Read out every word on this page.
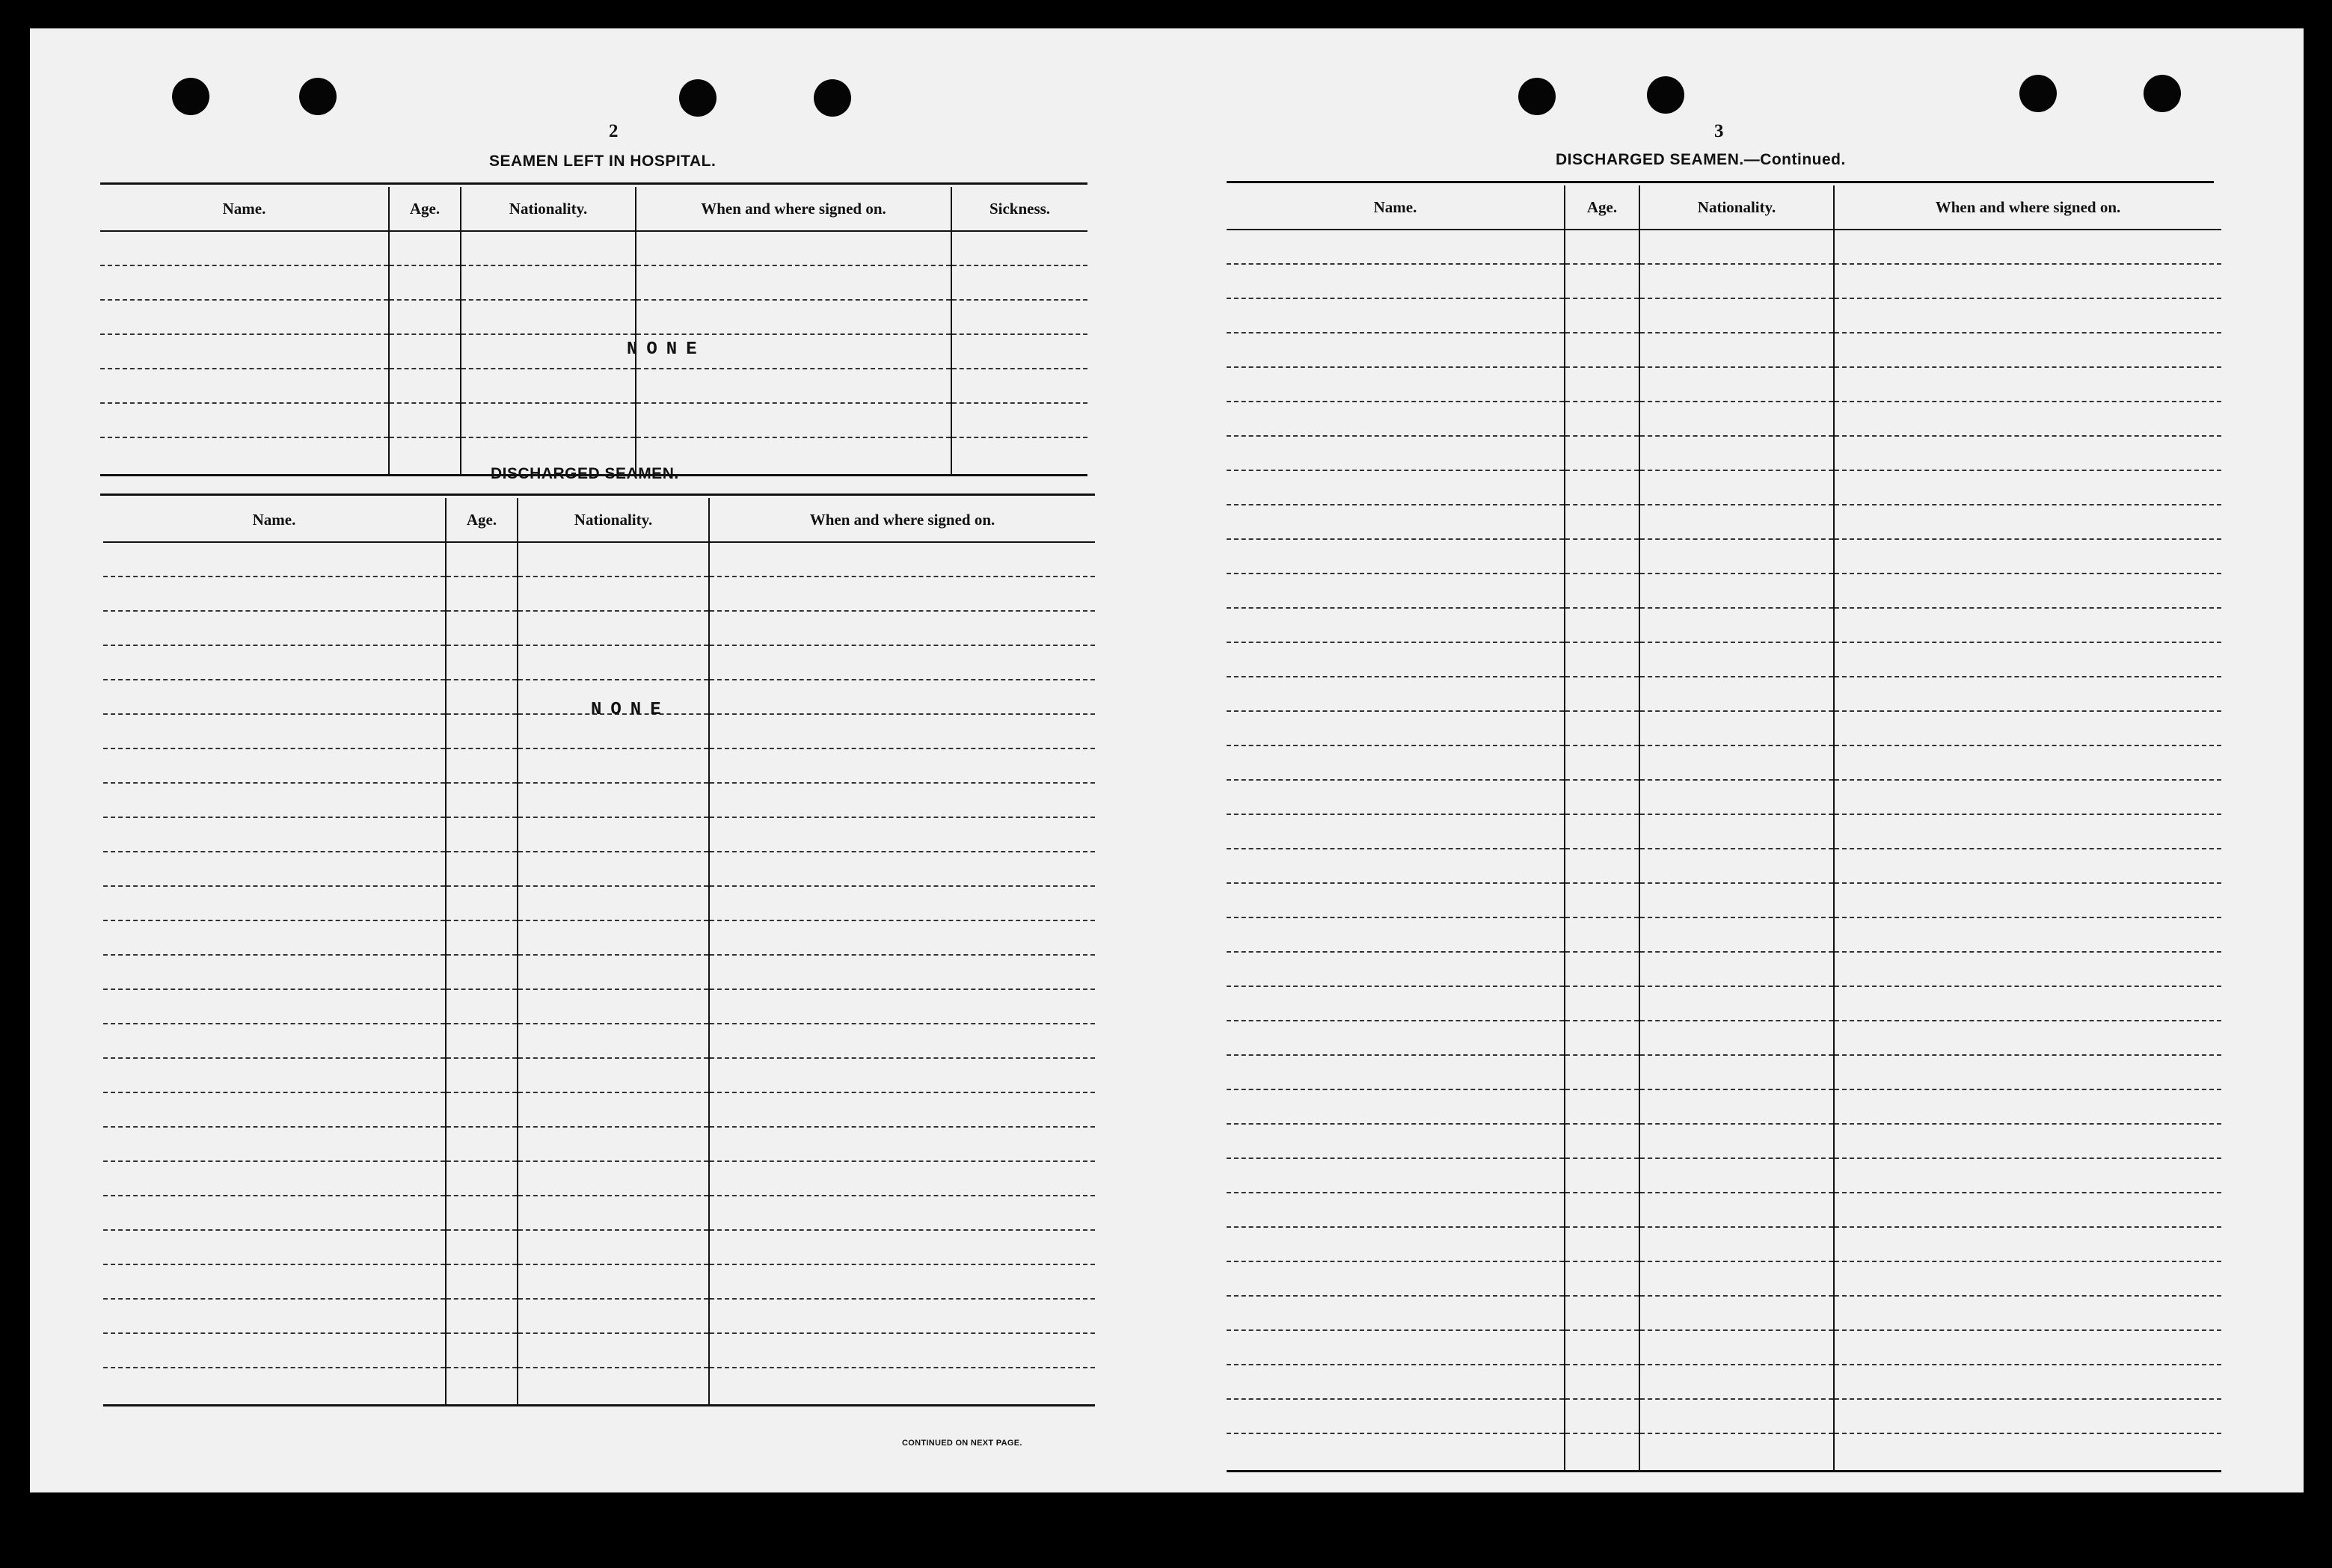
2
SEAMEN LEFT IN HOSPITAL.
Name.	Age.	Nationality.	When and where signed on.	Sickness.

NONE
DISCHARGED SEAMEN.
Name.	Age.	Nationality.	When and where signed on.

NONE
CONTINUED ON NEXT PAGE.
3
DISCHARGED SEAMEN.—Continued.
Name.	Age.	Nationality.	When and where signed on.
